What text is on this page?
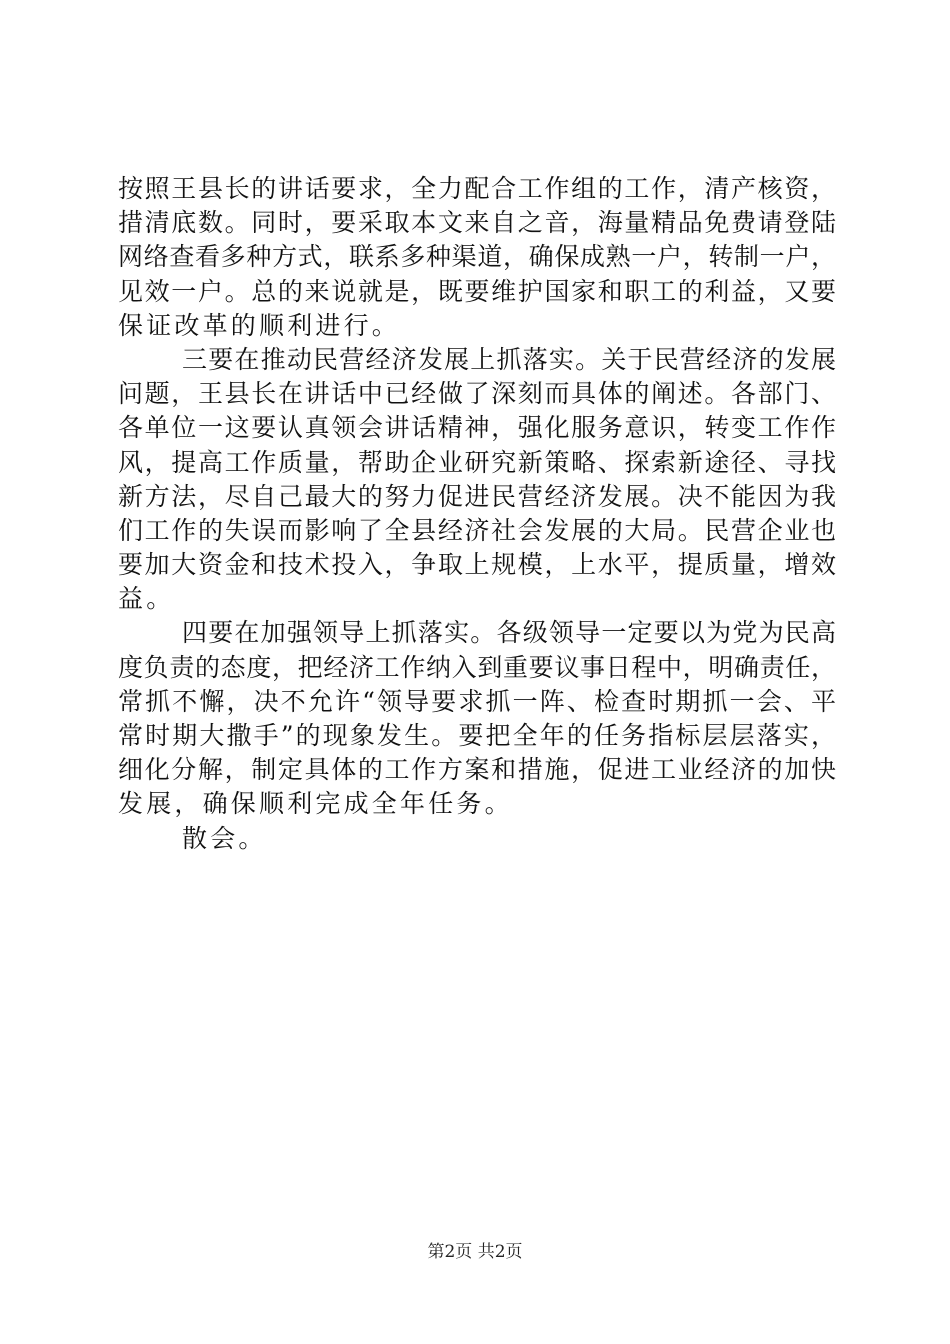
按照王县长的讲话要求，全力配合工作组的工作，清产核资，
措清底数。同时，要采取本文来自之音，海量精品免费请登陆
网络查看多种方式，联系多种渠道，确保成熟一户，转制一户，
见效一户。总的来说就是，既要维护国家和职工的利益，又要
保证改革的顺利进行。
三要在推动民营经济发展上抓落实。关于民营经济的发展
问题，王县长在讲话中已经做了深刻而具体的阐述。各部门、
各单位一这要认真领会讲话精神，强化服务意识，转变工作作
风，提高工作质量，帮助企业研究新策略、探索新途径、寻找
新方法，尽自己最大的努力促进民营经济发展。决不能因为我
们工作的失误而影响了全县经济社会发展的大局。民营企业也
要加大资金和技术投入，争取上规模，上水平，提质量，增效
益。
四要在加强领导上抓落实。各级领导一定要以为党为民高
度负责的态度，把经济工作纳入到重要议事日程中，明确责任，
常抓不懈，决不允许“领导要求抓一阵、检查时期抓一会、平
常时期大撒手”的现象发生。要把全年的任务指标层层落实，
细化分解，制定具体的工作方案和措施，促进工业经济的加快
发展，确保顺利完成全年任务。
散会。
第2页 共2页
